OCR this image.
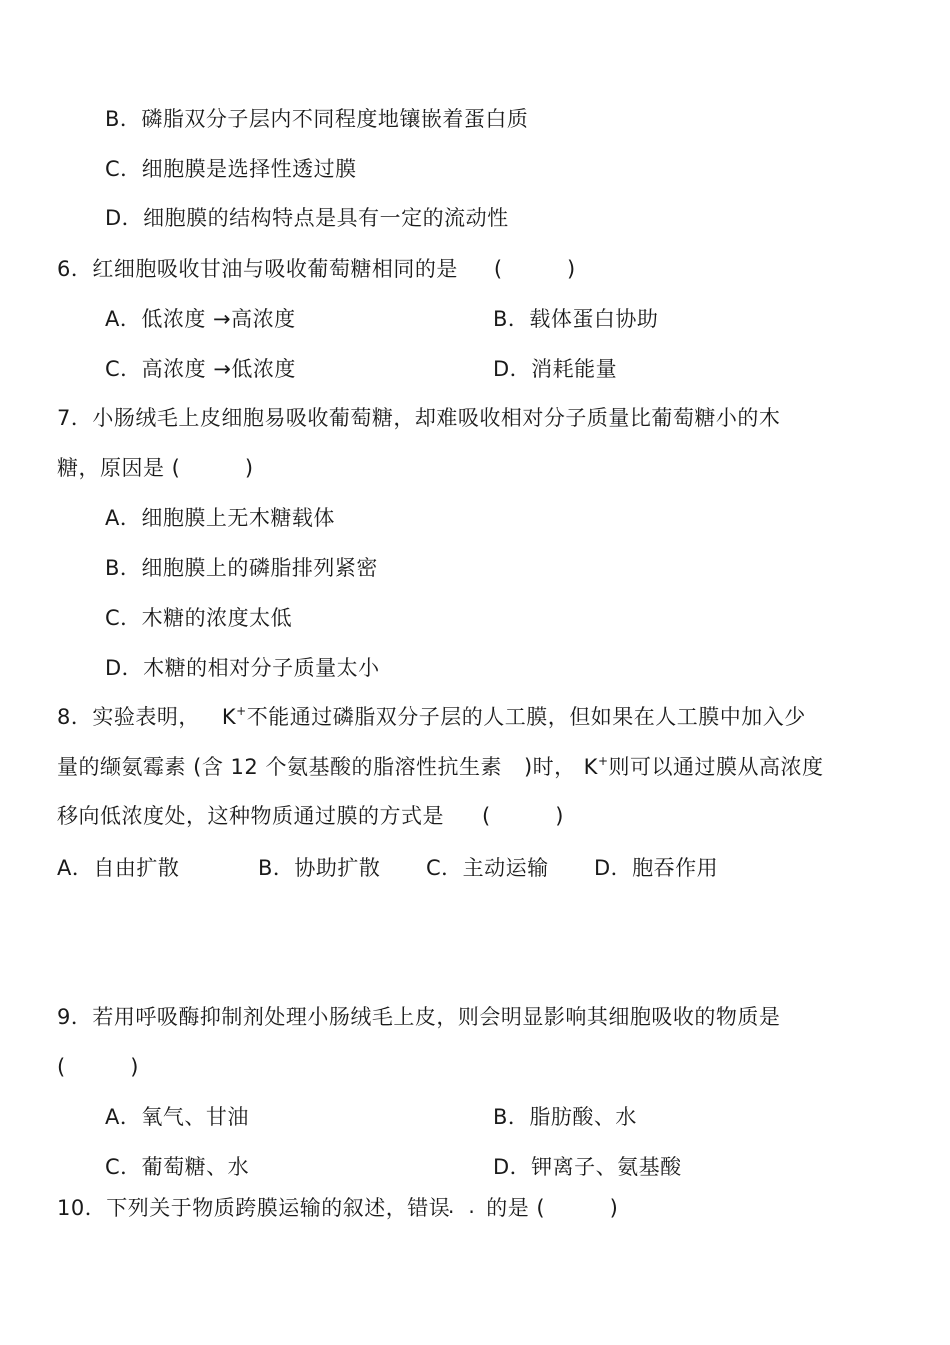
B．磷脂双分子层内不同程度地镶嵌着蛋白质
C．细胞膜是选择性透过膜
D．细胞膜的结构特点是具有一定的流动性
6．红细胞吸收甘油与吸收葡萄糖相同的是 (　　　)
A．低浓度 →高浓度	B．载体蛋白协助
C．高浓度 →低浓度	D．消耗能量
7．小肠绒毛上皮细胞易吸收葡萄糖，却难吸收相对分子质量比葡萄糖小的木
糖，原因是 (　　　)
A．细胞膜上无木糖载体
B．细胞膜上的磷脂排列紧密
C．木糖的浓度太低
D．木糖的相对分子质量太小
8．实验表明， K+不能通过磷脂双分子层的人工膜，但如果在人工膜中加入少
量的缬氨霉素 (含 12 个氨基酸的脂溶性抗生素 )时， K+则可以通过膜从高浓度
移向低浓度处，这种物质通过膜的方式是 (　　　)
A．自由扩散	B．协助扩散 C．主动运输 D．胞吞作用
9．若用呼吸酶抑制剂处理小肠绒毛上皮，则会明显影响其细胞吸收的物质是
(　　　)
A．氧气、甘油	B．脂肪酸、水
C．葡萄糖、水	D．钾离子、氨基酸
10．下列关于物质跨膜运输的叙述，错误 的是 (　　　)
··
